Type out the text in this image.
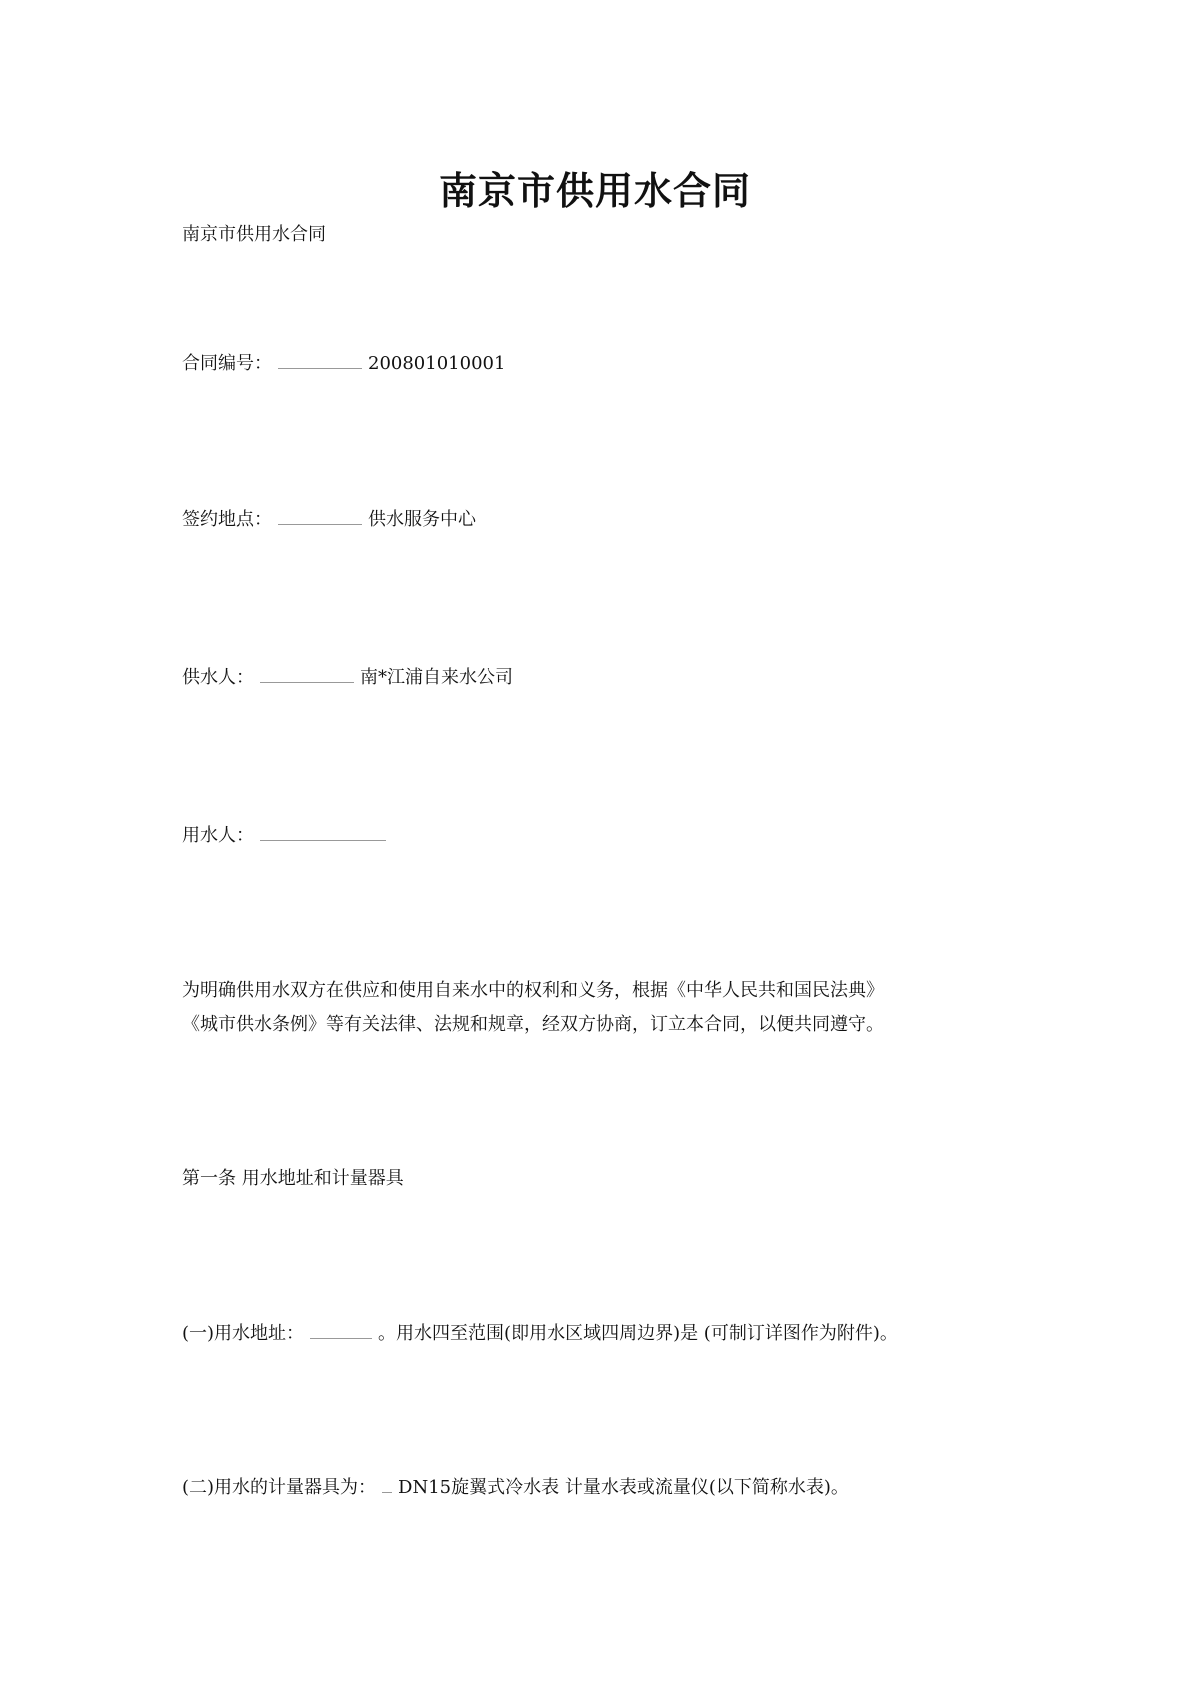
南京市供用水合同
南京市供用水合同
合同编号：	200801010001
签约地点：	供水服务中心
供水人：	南*江浦自来水公司
用水人：
为明确供用水双方在供应和使用自来水中的权利和义务，根据《中华人民共和国民法典》
《城市供水条例》等有关法律、法规和规章，经双方协商，订立本合同，以便共同遵守。
第一条 用水地址和计量器具
(一)用水地址：	。用水四至范围(即用水区域四周边界)是 (可制订详图作为附件)。
(二)用水的计量器具为： DN15旋翼式冷水表 计量水表或流量仪(以下简称水表)。
